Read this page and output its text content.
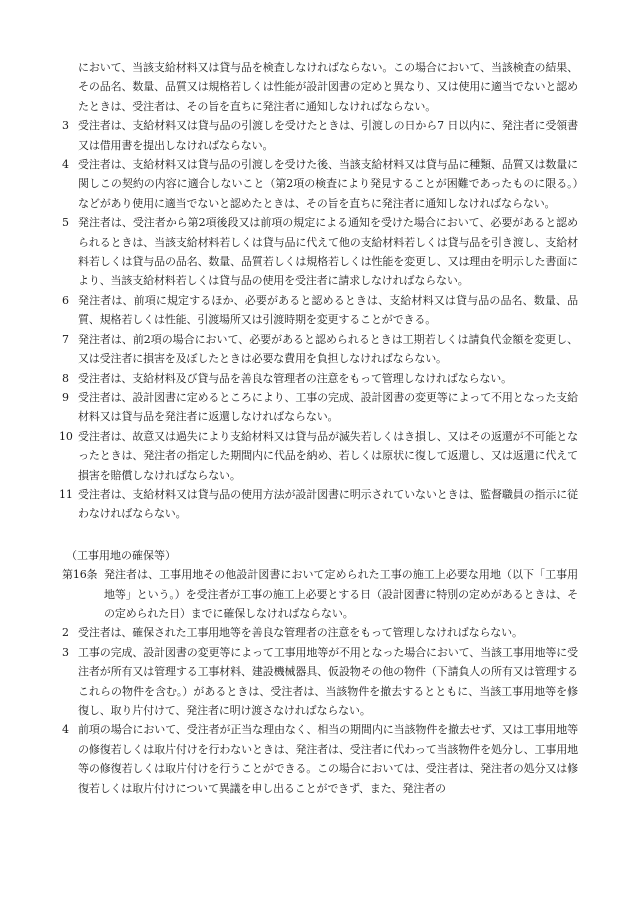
において、当該支給材料又は貸与品を検査しなければならない。この場合において、当該検査の結果、その品名、数量、品質又は規格若しくは性能が設計図書の定めと異なり、又は使用に適当でないと認めたときは、受注者は、その旨を直ちに発注者に通知しなければならない。

3 受注者は、支給材料又は貸与品の引渡しを受けたときは、引渡しの日から7 日以内に、発注者に受領書又は借用書を提出しなければならない。

4 受注者は、支給材料又は貸与品の引渡しを受けた後、当該支給材料又は貸与品に種類、品質又は数量に関しこの契約の内容に適合しないこと（第2項の検査により発見することが困難であったものに限る。）などがあり使用に適当でないと認めたときは、その旨を直ちに発注者に通知しなければならない。

5 発注者は、受注者から第2項後段又は前項の規定による通知を受けた場合において、必要があると認められるときは、当該支給材料若しくは貸与品に代えて他の支給材料若しくは貸与品を引き渡し、支給材料若しくは貸与品の品名、数量、品質若しくは規格若しくは性能を変更し、又は理由を明示した書面により、当該支給材料若しくは貸与品の使用を受注者に請求しなければならない。

6 発注者は、前項に規定するほか、必要があると認めるときは、支給材料又は貸与品の品名、数量、品質、規格若しくは性能、引渡場所又は引渡時期を変更することができる。

7 発注者は、前2項の場合において、必要があると認められるときは工期若しくは請負代金額を変更し、又は受注者に損害を及ぼしたときは必要な費用を負担しなければならない。

8 受注者は、支給材料及び貸与品を善良な管理者の注意をもって管理しなければならない。

9 受注者は、設計図書に定めるところにより、工事の完成、設計図書の変更等によって不用となった支給材料又は貸与品を発注者に返還しなければならない。

10 受注者は、故意又は過失により支給材料又は貸与品が滅失若しくはき損し、又はその返還が不可能となったときは、発注者の指定した期間内に代品を納め、若しくは原状に復して返還し、又は返還に代えて損害を賠償しなければならない。

11 受注者は、支給材料又は貸与品の使用方法が設計図書に明示されていないときは、監督職員の指示に従わなければならない。

（工事用地の確保等）

第16条 発注者は、工事用地その他設計図書において定められた工事の施工上必要な用地（以下「工事用地等」という。）を受注者が工事の施工上必要とする日（設計図書に特別の定めがあるときは、その定められた日）までに確保しなければならない。

2 受注者は、確保された工事用地等を善良な管理者の注意をもって管理しなければならない。

3 工事の完成、設計図書の変更等によって工事用地等が不用となった場合において、当該工事用地等に受注者が所有又は管理する工事材料、建設機械器具、仮設物その他の物件（下請負人の所有又は管理するこれらの物件を含む。）があるときは、受注者は、当該物件を撤去するとともに、当該工事用地等を修復し、取り片付けて、発注者に明け渡さなければならない。

4 前項の場合において、受注者が正当な理由なく、相当の期間内に当該物件を撤去せず、又は工事用地等の修復若しくは取片付けを行わないときは、発注者は、受注者に代わって当該物件を処分し、工事用地等の修復若しくは取片付けを行うことができる。この場合においては、受注者は、発注者の処分又は修復若しくは取片付けについて異議を申し出ることができず、また、発注者の
